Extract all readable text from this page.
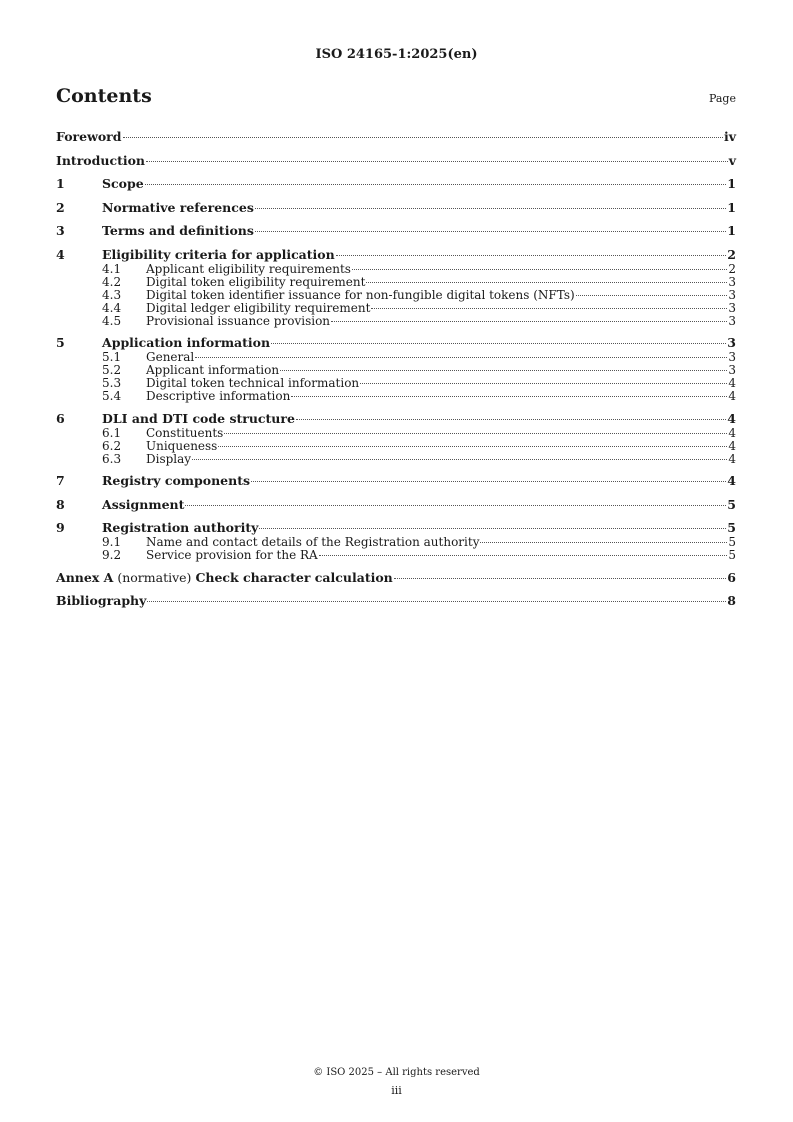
ISO 24165-1:2025(en)
Contents	Page
Foreword	iv
Introduction	v
1	Scope	1
2	Normative references	1
3	Terms and definitions	1
4	Eligibility criteria for application	2
4.1	Applicant eligibility requirements	2
4.2	Digital token eligibility requirement	3
4.3	Digital token identifier issuance for non-fungible digital tokens (NFTs)	3
4.4	Digital ledger eligibility requirement	3
4.5	Provisional issuance provision	3
5	Application information	3
5.1	General	3
5.2	Applicant information	3
5.3	Digital token technical information	4
5.4	Descriptive information	4
6	DLI and DTI code structure	4
6.1	Constituents	4
6.2	Uniqueness	4
6.3	Display	4
7	Registry components	4
8	Assignment	5
9	Registration authority	5
9.1	Name and contact details of the Registration authority	5
9.2	Service provision for the RA	5
Annex A (normative) Check character calculation	6
Bibliography	8
© ISO 2025 – All rights reserved
iii
